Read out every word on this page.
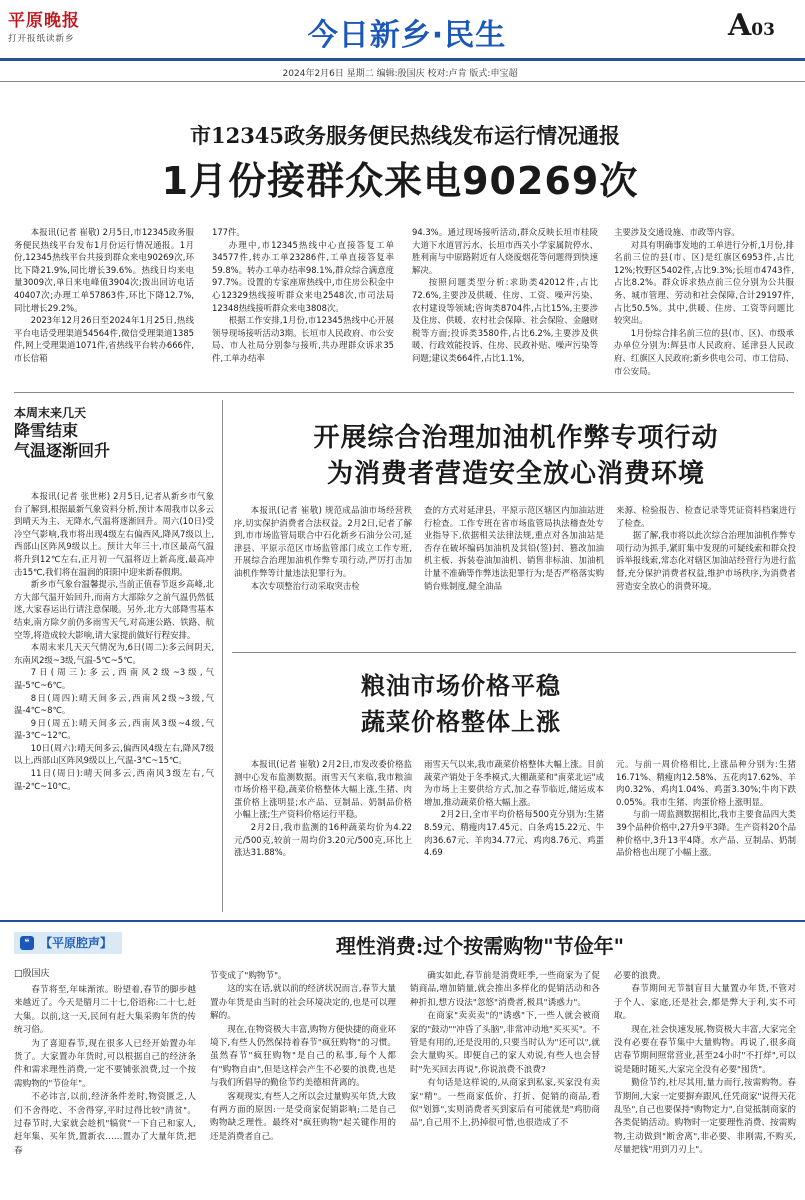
平原晚报
打开报纸读新乡	今日新乡·民生	A03
2024年2月6日 星期二 编辑:殷国庆 校对:卢肯 版式:申宝超
市12345政务服务便民热线发布运行情况通报
1月份接群众来电90269次

本报讯(记者 崔敬) 2月5日,市12345政务服务便民热线平台发布1月份运行情况通报。1月份,12345热线平台共接到群众来电90269次,环比下降21.9%,同比增长39.6%。热线日均来电量3009次,单日来电峰值3904次;拨出回访电话40407次;办理工单57863件,环比下降12.7%,同比增长29.2%。

2023年12月26日至2024年1月25日,热线平台电话受理渠道54564件,微信受理渠道1385件,网上受理渠道1071件,省热线平台转办666件,市长信箱

177件。

办理中,市12345热线中心直接答复工单34577件,转办工单23286件,工单直接答复率59.8%。转办工单办结率98.1%,群众综合满意度97.7%。设置的专家座席热线中,市住房公积金中心12329热线接听群众来电2548次,市司法局12348热线接听群众来电3808次。

根据工作安排,1月份,市12345热线中心开展领导现场接听活动3期。长垣市人民政府、市公安局、市人社局分别参与接听,共办理群众诉求35件,工单办结率

94.3%。通过现场接听活动,群众反映长垣市桂陵大道下水道冒污水、长垣市西关小学家属院停水、胜利南与中原路附近有人烧废烟花等问题得到快速解决。

按照问题类型分析:求助类42012件,占比72.6%,主要涉及供暖、住房、工资、噪声污染、农村建设等领域;咨询类8704件,占比15%,主要涉及住房、供暖、农村社会保障、社会保险、金融财税等方面;投诉类3580件,占比6.2%,主要涉及供暖、行政效能投诉、住房、民政补贴、噪声污染等问题;建议类664件,占比1.1%,

主要涉及交通设施、市政等内容。

对具有明确事发地的工单进行分析,1月份,排名前三位的县(市、区)是红旗区6953件,占比12%;牧野区5402件,占比9.3%;长垣市4743件,占比8.2%。群众诉求热点前三位分别为公共服务、城市管理、劳动和社会保障,合计29197件,占比50.5%。其中,供暖、住房、工资等问题比较突出。

1月份综合排名前三位的县(市、区)、市级承办单位分别为:辉县市人民政府、延津县人民政府、红旗区人民政府;新乡供电公司、市工信局、市公安局。

本周末来几天
降雪结束
气温逐渐回升

本报讯(记者 张世彬) 2月5日,记者从新乡市气象台了解到,根据最新气象资料分析,预计本周我市以多云到晴天为主、无降水,气温将逐渐回升。周六(10日)受冷空气影响,我市将出现4级左右偏西风,降风7级以上,西部山区阵风9级以上。预计大年三十,市区最高气温将升到12℃左右,正月初一气温将迈上新高度,最高冲击15℃,我们将在温润的阳阳中迎来新春假期。

新乡市气象台温馨提示,当前正值春节返乡高峰,北方大部气温开始回升,而南方大部除夕之前气温仍然低迷,大家春运出行请注意保暖。另外,北方大部降雪基本结束,南方除夕前仍多雨雪天气,对高速公路、铁路、航空等,将造成较大影响,请大家提前做好行程安排。

本周末来几天天气情况为,6日(周二):多云间阴天,东南风2级~3级,气温-5℃~5℃。

7日(周三):多云,西南风2级~3级,气温-5℃~6℃。

8日(周四):晴天间多云,西南风2级~3级,气温-4℃~8℃。

9日(周五):晴天间多云,西南风3级~4级,气温-3℃~12℃。

10日(周六):晴天间多云,偏西风4级左右,降风7级以上,西部山区阵风9级以上,气温-3℃~15℃。

11日(周日):晴天间多云,西南风3级左右,气温-2℃~10℃。

开展综合治理加油机作弊专项行动
为消费者营造安全放心消费环境

本报讯(记者 崔敬) 规范成品油市场经营秩序,切实保护消费者合法权益。2月2日,记者了解到,市市场监管局联合中石化新乡石油分公司,延津县、平原示范区市场监管部门成立工作专班,开展综合治理加油机作弊专项行动,严厉打击加油机作弊等计量违法犯罪行为。

本次专项整治行动采取突击检

查的方式对延津县、平原示范区辖区内加油站进行检查。工作专班在省市场监管局执法稽查处专业指导下,依据相关法律法规,重点对各加油站是否存在破坏编码加油机及其铅(签)封、篡改加油机主板、拆装卷油加油机、销售非标油、加油机计量不准确等作弊违法犯罪行为;是否严格落实购销台账制度,健全油品

来源、检验报告、检查记录等凭证资料档案进行了检查。

据了解,我市将以此次综合治理加油机作弊专项行动为抓手,紧盯集中发现的可疑线索和群众投诉举报线索,常态化对辖区加油站经营行为进行监督,充分保护消费者权益,维护市场秩序,为消费者营造安全放心的消费环境。

粮油市场价格平稳
蔬菜价格整体上涨

本报讯(记者 崔敬) 2月2日,市发改委价格监测中心发布监测数据。雨雪天气来临,我市粮油市场价格平稳,蔬菜价格整体大幅上涨,生猪、肉蛋价格上涨明显;水产品、豆制品、奶制品价格小幅上涨;生产资料价格运行平稳。

2月2日,我市监测的16种蔬菜均价为4.22元/500克,较前一周均价3.20元/500克,环比上涨达31.88%。

雨雪天气以来,我市蔬菜价格整体大幅上涨。目前蔬菜产销处于冬季模式,大棚蔬菜和"南菜北运"成为市场上主要供给方式,加之春节临近,储运成本增加,推动蔬菜价格大幅上涨。

2月2日,全市平均价格每500克分别为:生猪8.59元、精瘦肉17.45元、白条鸡15.22元、牛肉36.67元、羊肉34.77元、鸡肉8.76元、鸡蛋4.69

元。与前一周价格相比,上涨品种分别为:生猪16.71%、精瘦肉12.58%、五花肉17.62%、羊肉0.32%、鸡肉1.04%、鸡蛋3.30%;牛肉下跌0.05%。我市生猪、肉蛋价格上涨明显。

与前一周监测数据相比,我市主要食品四大类39个品种价格中,27升9平3降。生产资料20个品种价格中,3升13平4降。水产品、豆制品、奶制品价格也出现了小幅上涨。

❝ 【平原腔声】	理性消费:过个按需购物"节俭年"
□殷国庆

春节将至,年味渐浓。盼望着,春节的脚步越来越近了。今天是腊月二十七,俗语称:二十七,赶大集。以前,这一天,民间有赶大集采购年货的传统习俗。

为了喜迎春节,现在很多人已经开始置办年货了。大家置办年货时,可以根据自己的经济条件和需求理性消费,一定不要铺张浪费,过一个按需购物的"节俭年"。

不必讳言,以前,经济条件差时,物资匮乏,人们不舍得吃、不舍得穿,平时过得比较"清贫"。过春节时,大家就会趁机"犒赏"一下自己和家人,赶年集、买年货,置新衣……置办了大量年货,把春

节变成了"购物节"。

这的实在话,就以前的经济状况而言,春节大量置办年货是由当时的社会环境决定的,也是可以理解的。

现在,在物资极大丰富,购物方便快捷的商业环境下,有些人仍然保持着春节"疯狂购物"的习惯。虽然春节"疯狂购物"是自己的私事,每个人都有"购物自由",但是这样会产生不必要的浪费,也是与我们所倡导的勤俭节约美德相背离的。

客观现实,有些人之所以会过量购买年货,大致有两方面的原因:一是受商家促销影响;二是自己购物缺乏理性。最终对"疯狂购物"起关键作用的还是消费者自己。

确实如此,春节前是消费旺季,一些商家为了促销商品,增加销量,就会推出多样化的促销活动和各种折扣,想方设法"忽悠"消费者,极具"诱惑力"。

在商家"卖卖卖"的"诱惑"下,一些人就会被商家的"鼓动""冲昏了头脑",非常冲动地"买买买"。不管是有用的,还是没用的,只要当时认为"还可以",就会大量购买。即便自己的家人劝说,有些人也会替时"先买回去再说",你说浪费不浪费?

有句话是这样说的,从商家到私家,买家没有卖家"精"。一些商家低价、打折、促销的商品,看似"划算",实则消费者买到家后有可能就是"鸡肋商品",自己用不上,扔掉很可惜,也很造成了不

必要的浪费。

春节期间无节制盲目大量置办年货,不管对于个人、家庭,还是社会,都是弊大于利,实不可取。

现在,社会快速发展,物资极大丰富,大家完全没有必要在春节集中大量购物。再说了,很多商店春节期间照常营业,甚至24小时"不打烊",可以说是随时随买,大家完全没有必要"囤货"。

勤俭节约,杜尽其用,量力而行,按需购物。春节期间,大家一定要摒弃跟风,任凭商家"说得天花乱坠",自己也要保持"购物定力",自觉抵制商家的各类促销活动。购物时一定要理性消费、按需购物,主动做到"断舍离",非必要、非刚需,不购买,尽量把钱"用到刀刃上"。
